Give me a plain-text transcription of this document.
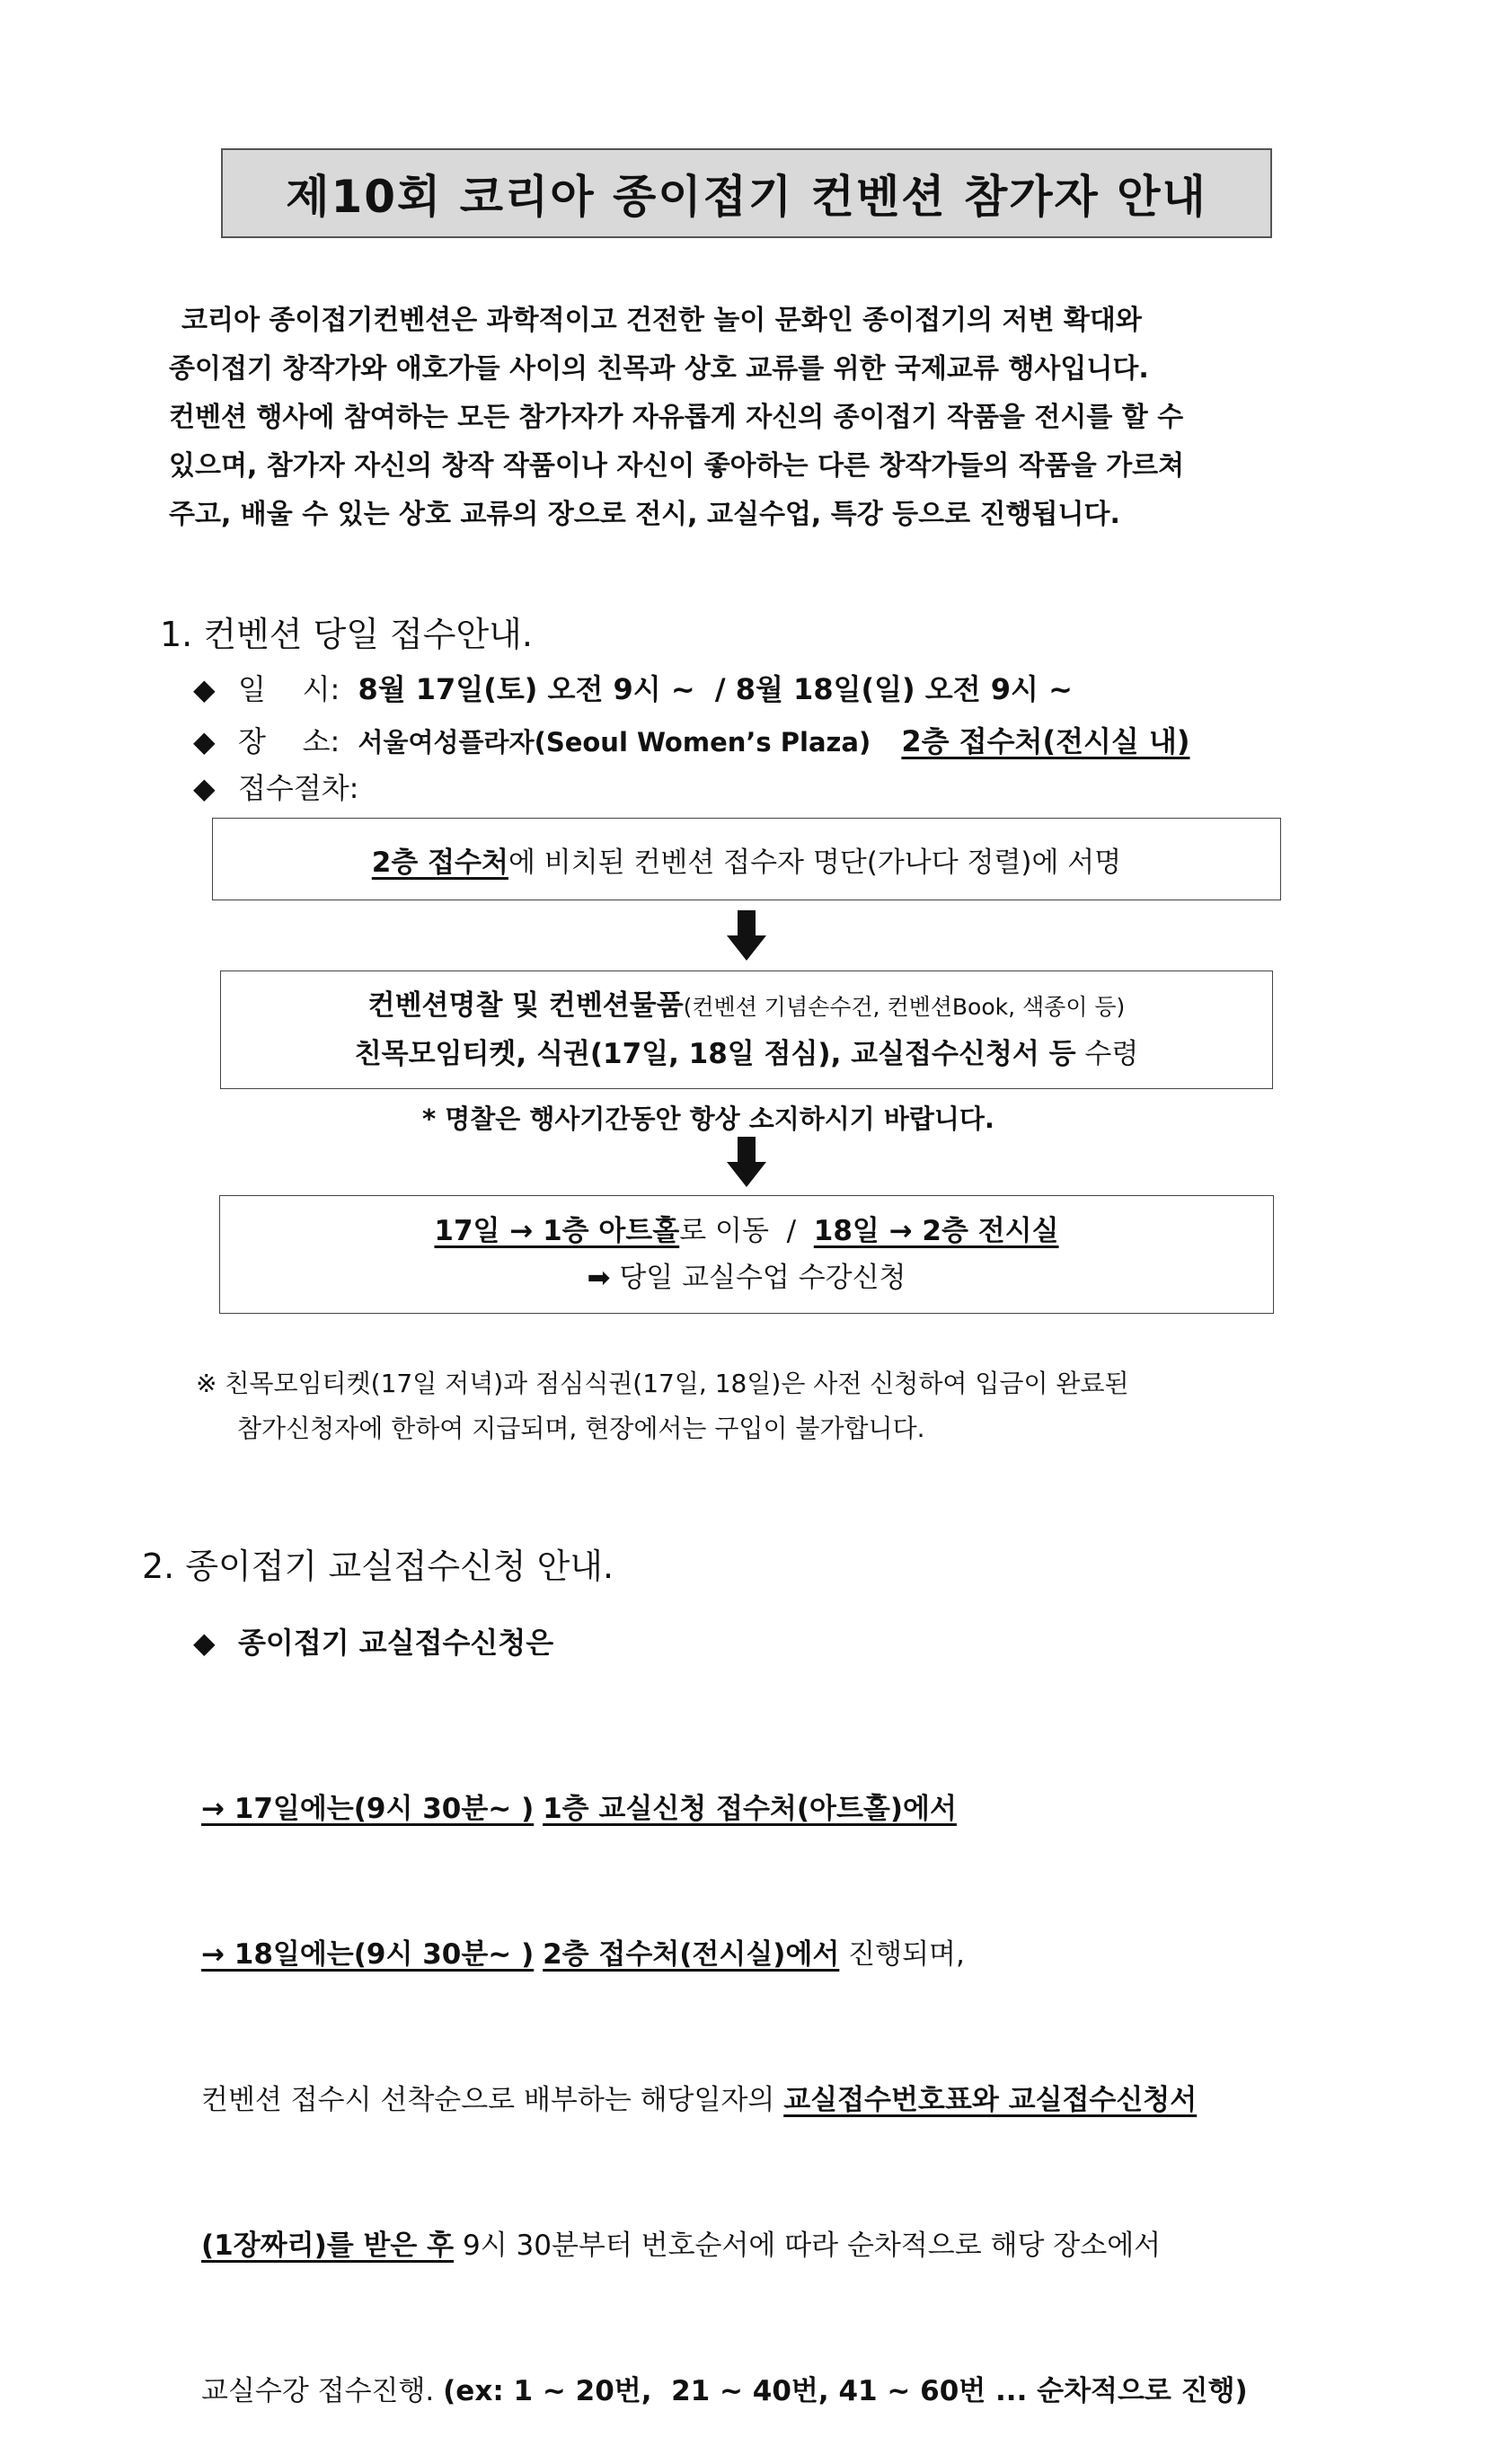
제10회 코리아 종이접기 컨벤션 참가자 안내
코리아 종이접기컨벤션은 과학적이고 건전한 놀이 문화인 종이접기의 저변 확대와
종이접기 창작가와 애호가들 사이의 친목과 상호 교류를 위한 국제교류 행사입니다.
컨벤션 행사에 참여하는 모든 참가자가 자유롭게 자신의 종이접기 작품을 전시를 할 수
있으며, 참가자 자신의 창작 작품이나 자신이 좋아하는 다른 창작가들의 작품을 가르쳐
주고, 배울 수 있는 상호 교류의 장으로 전시, 교실수업, 특강 등으로 진행됩니다.
1. 컨벤션 당일 접수안내.
◆ 일    시: 8월 17일(토) 오전 9시 ~  / 8월 18일(일) 오전 9시 ~
◆ 장    소: 서울여성플라자(Seoul Women’s Plaza) 2층 접수처(전시실 내)
◆ 접수절차:
2층 접수처에 비치된 컨벤션 접수자 명단(가나다 정렬)에 서명
컨벤션명찰 및 컨벤션물품(컨벤션 기념손수건, 컨벤션Book, 색종이 등)
친목모임티켓, 식권(17일, 18일 점심), 교실접수신청서 등 수령
* 명찰은 행사기간동안 항상 소지하시기 바랍니다.
17일 → 1층 아트홀로 이동  /  18일 → 2층 전시실
➡ 당일 교실수업 수강신청
※ 친목모임티켓(17일 저녁)과 점심식권(17일, 18일)은 사전 신청하여 입금이 완료된
참가신청자에 한하여 지급되며, 현장에서는 구입이 불가합니다.
2. 종이접기 교실접수신청 안내.
◆ 종이접기 교실접수신청은

→ 17일에는(9시 30분~ ) 1층 교실신청 접수처(아트홀)에서

→ 18일에는(9시 30분~ ) 2층 접수처(전시실)에서 진행되며,

컨벤션 접수시 선착순으로 배부하는 해당일자의 교실접수번호표와 교실접수신청서

(1장짜리)를 받은 후 9시 30분부터 번호순서에 따라 순차적으로 해당 장소에서

교실수강 접수진행. (ex: 1 ~ 20번,  21 ~ 40번, 41 ~ 60번 ... 순차적으로 진행)
